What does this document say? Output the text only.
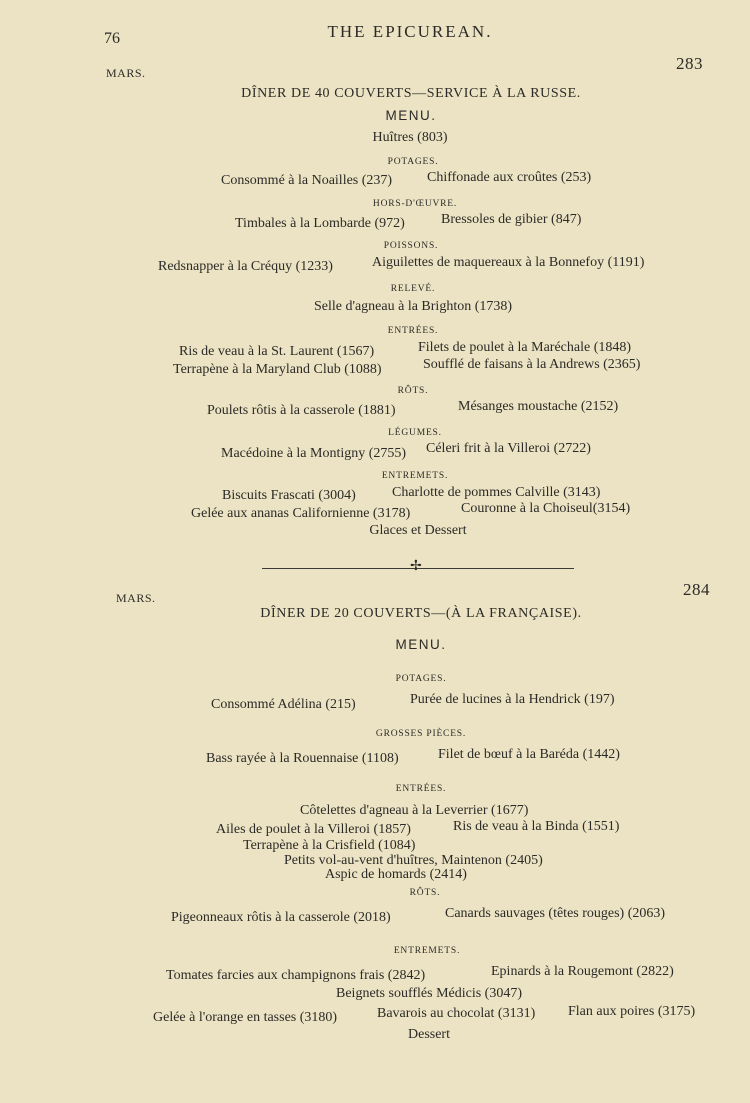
76	THE EPICUREAN.
MARS.	283
DÎNER DE 40 COUVERTS—SERVICE À LA RUSSE.
MENU.
Huîtres (803)
POTAGES.
Consommé à la Noailles (237) Chiffonade aux croûtes (253)
HORS-D'ŒUVRE.
Timbales à la Lombarde (972)	Bressoles de gibier (847)
POISSONS.
Redsnapper à la Créquy (1233)	Aiguilettes de maquereaux à la Bonnefoy (1191)
RELEVÉ.
Selle d'agneau à la Brighton (1738)
ENTRÉES.
Ris de veau à la St. Laurent (1567)	Filets de poulet à la Maréchale (1848)
Terrapène à la Maryland Club (1088)	Soufflé de faisans à la Andrews (2365)
RÔTS.
Poulets rôtis à la casserole (1881)	Mésanges moustache (2152)
LÉGUMES.
Macédoine à la Montigny (2755) Céleri frit à la Villeroi (2722)
ENTREMETS.
Biscuits Frascati (3004)	Charlotte de pommes Calville (3143)
Gelée aux ananas Californienne (3178)	Couronne à la Choiseul(3154)
Glaces et Dessert
✢
MARS.	284
DÎNER DE 20 COUVERTS—(À LA FRANÇAISE).
MENU.
POTAGES.
Consommé Adélina (215)	Purée de lucines à la Hendrick (197)
GROSSES PIÈCES.
Bass rayée à la Rouennaise (1108)	Filet de bœuf à la Baréda (1442)
ENTRÉES.
Côtelettes d'agneau à la Leverrier (1677)
Ailes de poulet à la Villeroi (1857)	Ris de veau à la Binda (1551)
Terrapène à la Crisfield (1084)
Petits vol-au-vent d'huîtres, Maintenon (2405)
Aspic de homards (2414)
RÔTS.
Pigeonneaux rôtis à la casserole (2018)	Canards sauvages (têtes rouges) (2063)
ENTREMETS.
Tomates farcies aux champignons frais (2842)	Epinards à la Rougemont (2822)
Beignets soufflés Médicis (3047)
Gelée à l'orange en tasses (3180)	Bavarois au chocolat (3131) Flan aux poires (3175)
Dessert
